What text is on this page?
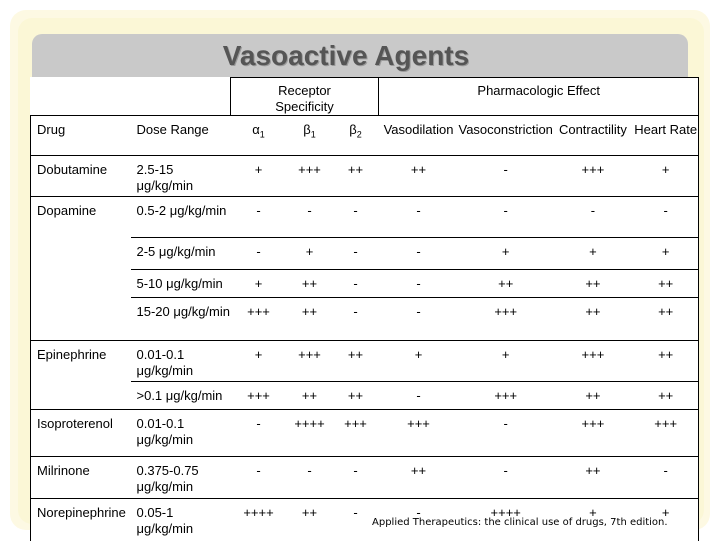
Vasoactive Agents
		Receptor Specificity			Pharmacologic Effect			
Drug	Dose Range	$\alpha_1$	$\beta_1$	$\beta_2$	Vasodilation	Vasoconstriction	Contractility	Heart Rate
Dobutamine	2.5-15 μg/kg/min	+	+++	++	++	-	+++	+
Dopamine	0.5-2 μg/kg/min	-	-	-	-	-	-	-
	2-5 μg/kg/min	-	+	-	-	+	+	+
	5-10 μg/kg/min	+	++	-	-	++	++	++
	15-20 μg/kg/min	+++	++	-	-	+++	++	++
Epinephrine	0.01-0.1 μg/kg/min	+	+++	++	+	+	+++	++
	>0.1 μg/kg/min	+++	++	++	-	+++	++	++
Isoproterenol	0.01-0.1 μg/kg/min	-	++++	+++	+++	-	+++	+++
Milrinone	0.375-0.75 μg/kg/min	-	-	-	++	-	++	-
Norepinephrine	0.05-1 μg/kg/min	++++	++	-	-	++++	+	+
Applied Therapeutics: the clinical use of drugs, 7th edition.
